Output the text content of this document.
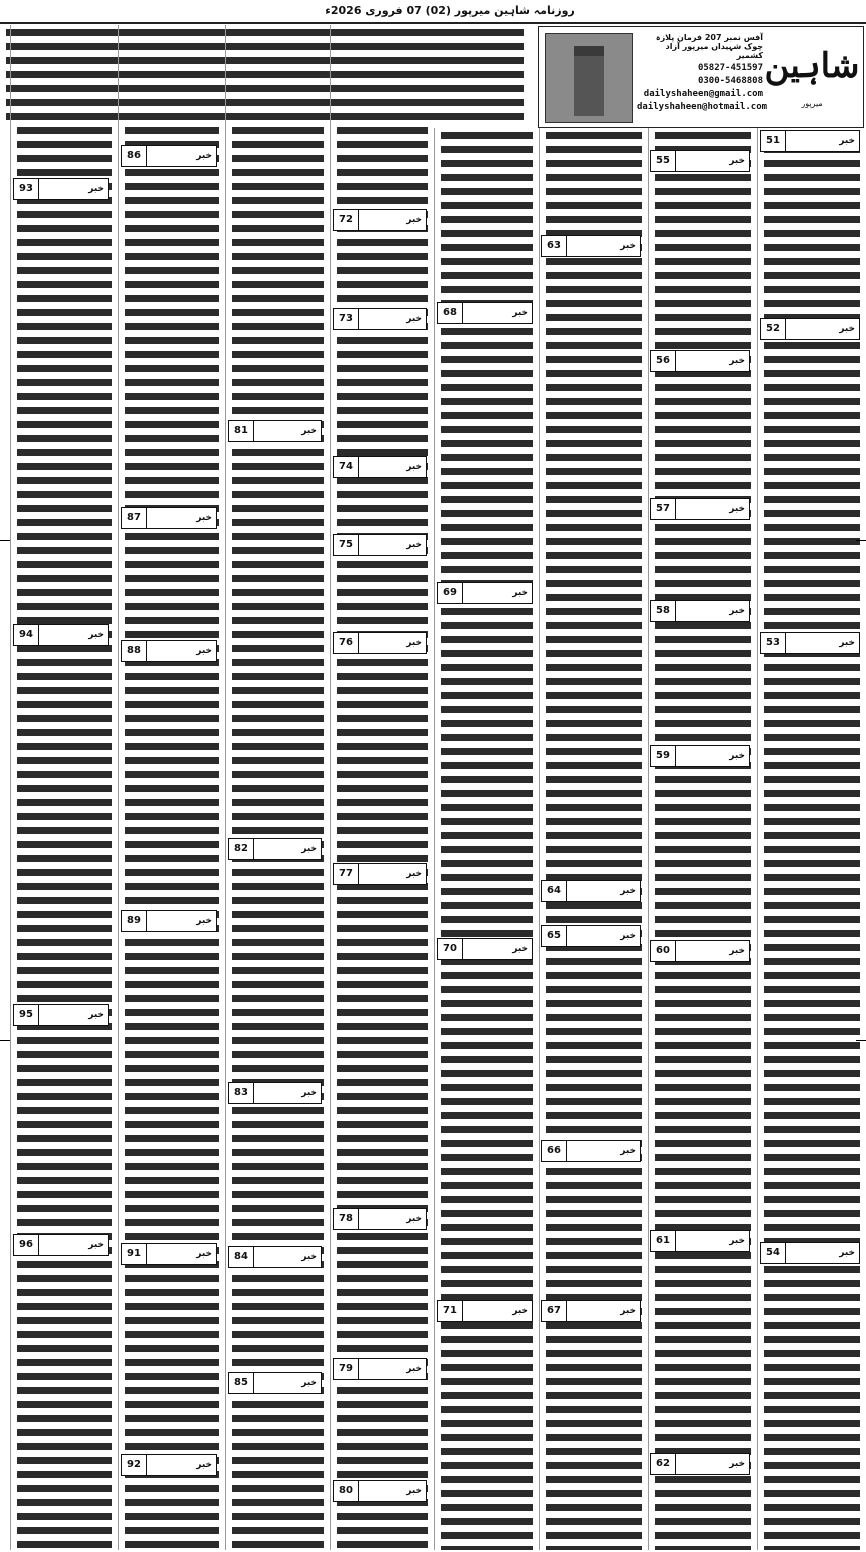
روزنامہ شاہین میرپور (02) 07 فروری 2026ء
آفس نمبر 207 فرمان پلازہ چوک شہیداں میرپور آزاد کشمیر
05827-451597
0300-5468808
dailyshaheen@gmail.com
dailyshaheen@hotmail.com
شاہین
میرپور
51	خبر
52	خبر
53	خبر
54	خبر
55	خبر
56	خبر
57	خبر
58	خبر
59	خبر
60	خبر
61	خبر
62	خبر
63	خبر
64	خبر
65	خبر
66	خبر
67	خبر
68	خبر
69	خبر
70	خبر
71	خبر
72	خبر
73	خبر
74	خبر
75	خبر
76	خبر
77	خبر
78	خبر
79	خبر
80	خبر
81	خبر
82	خبر
83	خبر
84	خبر
85	خبر
86	خبر
87	خبر
88	خبر
89	خبر
91	خبر
92	خبر
93	خبر
94	خبر
95	خبر
96	خبر
